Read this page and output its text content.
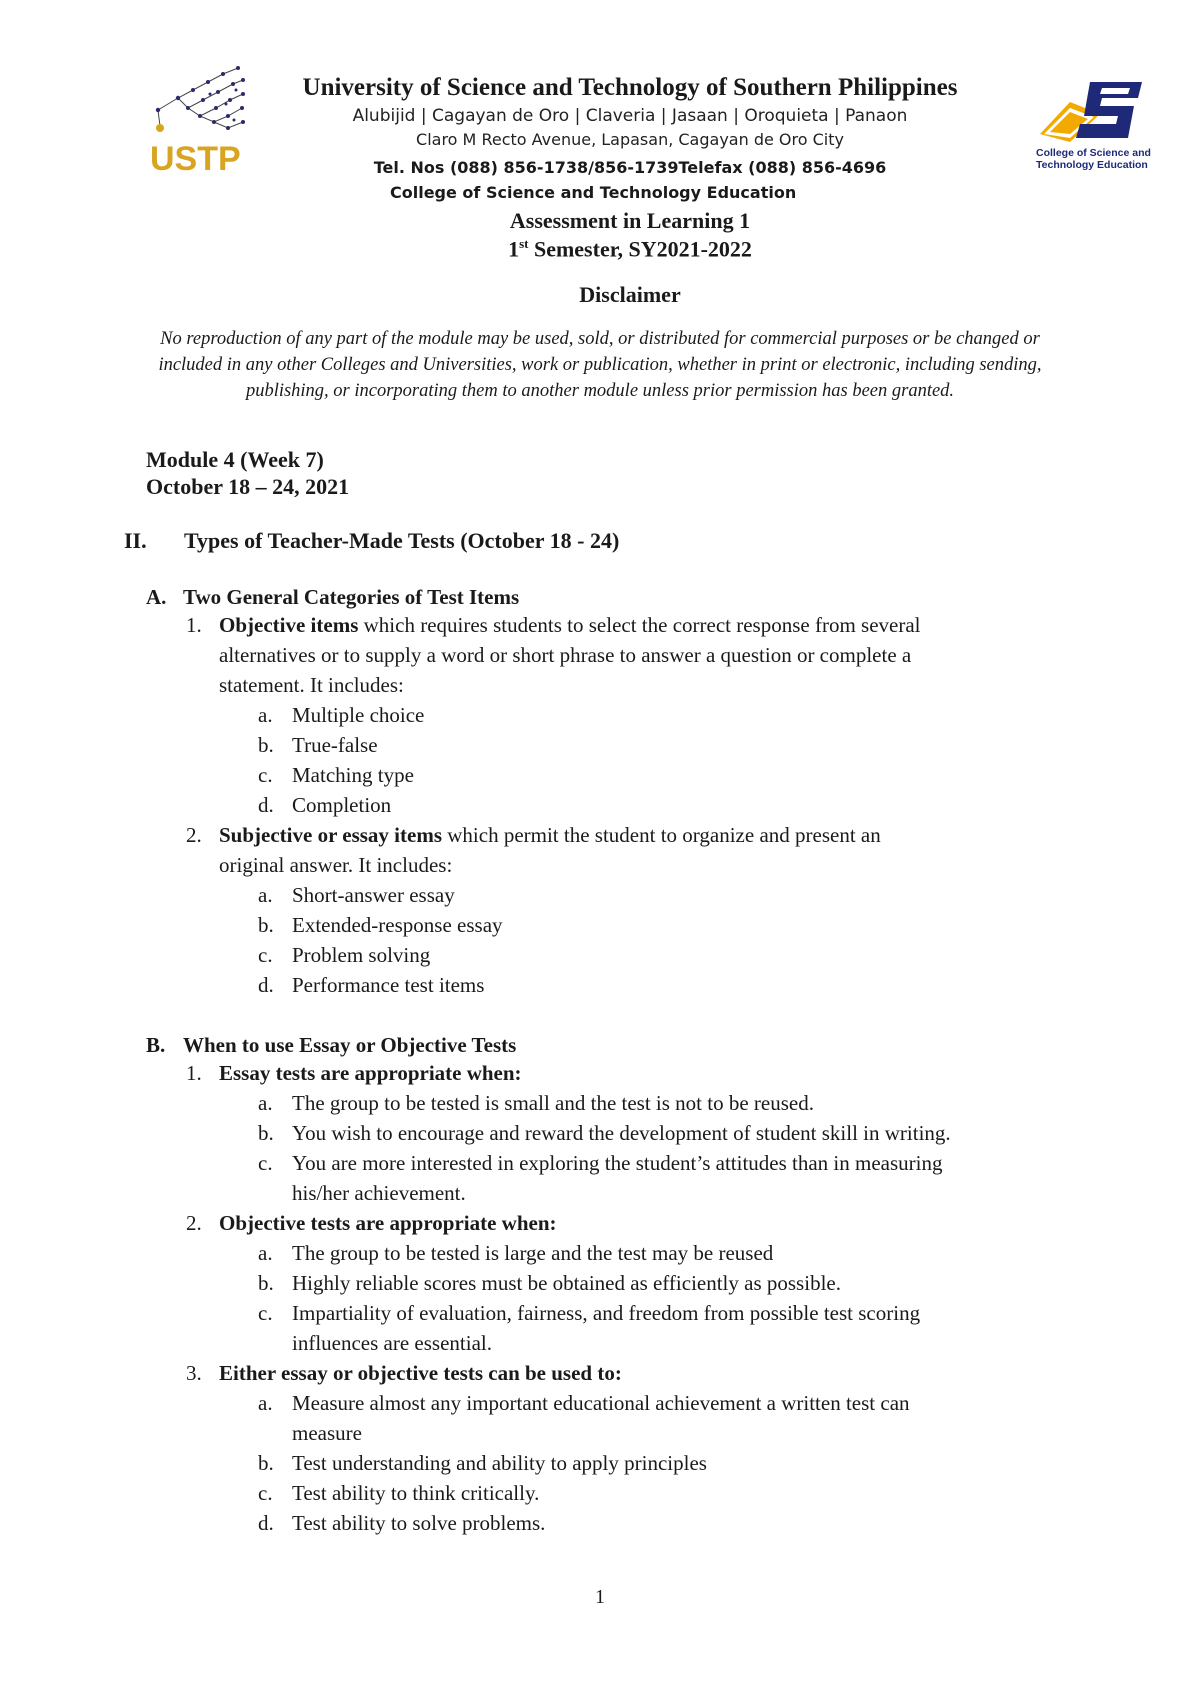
USTP	College of Science and
Technology Education
University of Science and Technology of Southern Philippines
Alubijid | Cagayan de Oro | Claveria | Jasaan | Oroquieta | Panaon
Claro M Recto Avenue, Lapasan, Cagayan de Oro City
Tel. Nos (088) 856-1738/856-1739Telefax (088) 856-4696
College of Science and Technology Education
Assessment in Learning 1
1st Semester, SY2021-2022
Disclaimer
No reproduction of any part of the module may be used, sold, or distributed for commercial purposes or be changed or included in any other Colleges and Universities, work or publication, whether in print or electronic, including sending, publishing, or incorporating them to another module unless prior permission has been granted.
Module 4 (Week 7)
October 18 – 24, 2021
II. Types of Teacher-Made Tests (October 18 - 24)
A. Two General Categories of Test Items
1. Objective items which requires students to select the correct response from several
alternatives or to supply a word or short phrase to answer a question or complete a
statement. It includes:
a. Multiple choice
b. True-false
c. Matching type
d. Completion
2. Subjective or essay items which permit the student to organize and present an
original answer. It includes:
a. Short-answer essay
b. Extended-response essay
c. Problem solving
d. Performance test items
B. When to use Essay or Objective Tests
1. Essay tests are appropriate when:
a. The group to be tested is small and the test is not to be reused.
b. You wish to encourage and reward the development of student skill in writing.
c. You are more interested in exploring the student’s attitudes than in measuring
his/her achievement.
2. Objective tests are appropriate when:
a. The group to be tested is large and the test may be reused
b. Highly reliable scores must be obtained as efficiently as possible.
c. Impartiality of evaluation, fairness, and freedom from possible test scoring
influences are essential.
3. Either essay or objective tests can be used to:
a. Measure almost any important educational achievement a written test can
measure
b. Test understanding and ability to apply principles
c. Test ability to think critically.
d. Test ability to solve problems.
1
